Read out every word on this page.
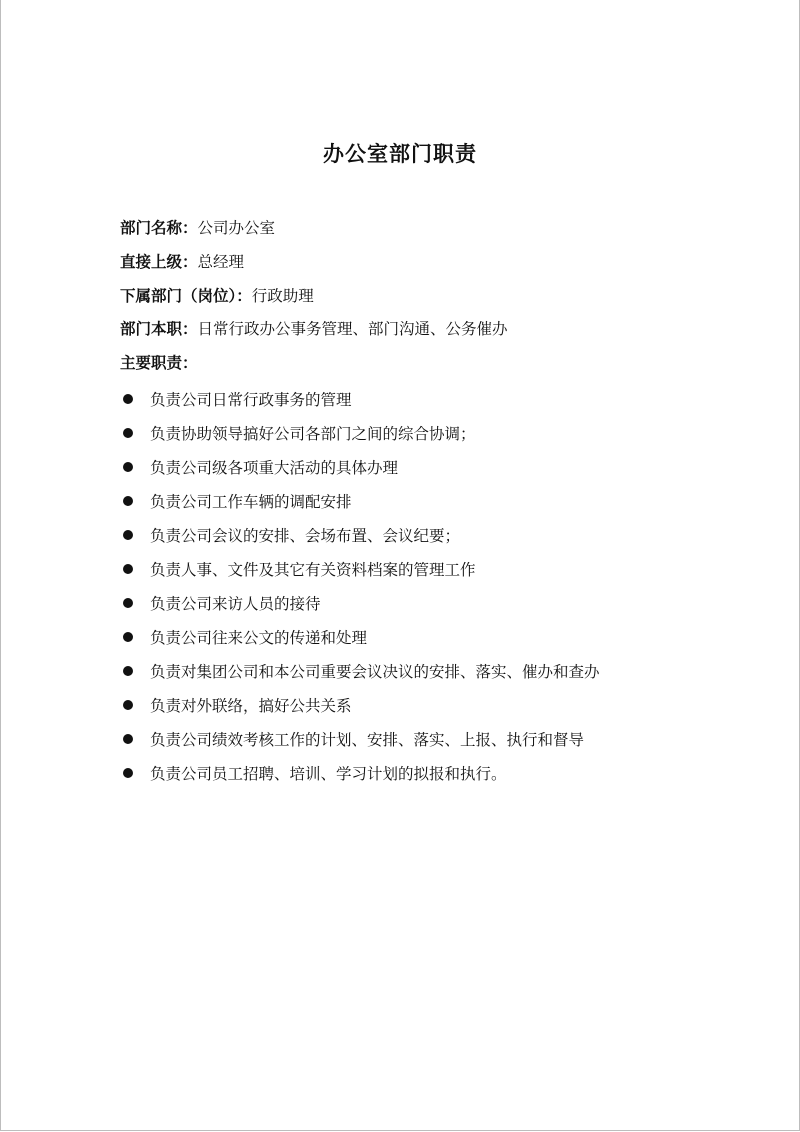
办公室部门职责
部门名称：公司办公室
直接上级：总经理
下属部门（岗位）：行政助理
部门本职：日常行政办公事务管理、部门沟通、公务催办
主要职责：
负责公司日常行政事务的管理
负责协助领导搞好公司各部门之间的综合协调；
负责公司级各项重大活动的具体办理
负责公司工作车辆的调配安排
负责公司会议的安排、会场布置、会议纪要；
负责人事、文件及其它有关资料档案的管理工作
负责公司来访人员的接待
负责公司往来公文的传递和处理
负责对集团公司和本公司重要会议决议的安排、落实、催办和查办
负责对外联络，搞好公共关系
负责公司绩效考核工作的计划、安排、落实、上报、执行和督导
负责公司员工招聘、培训、学习计划的拟报和执行。
